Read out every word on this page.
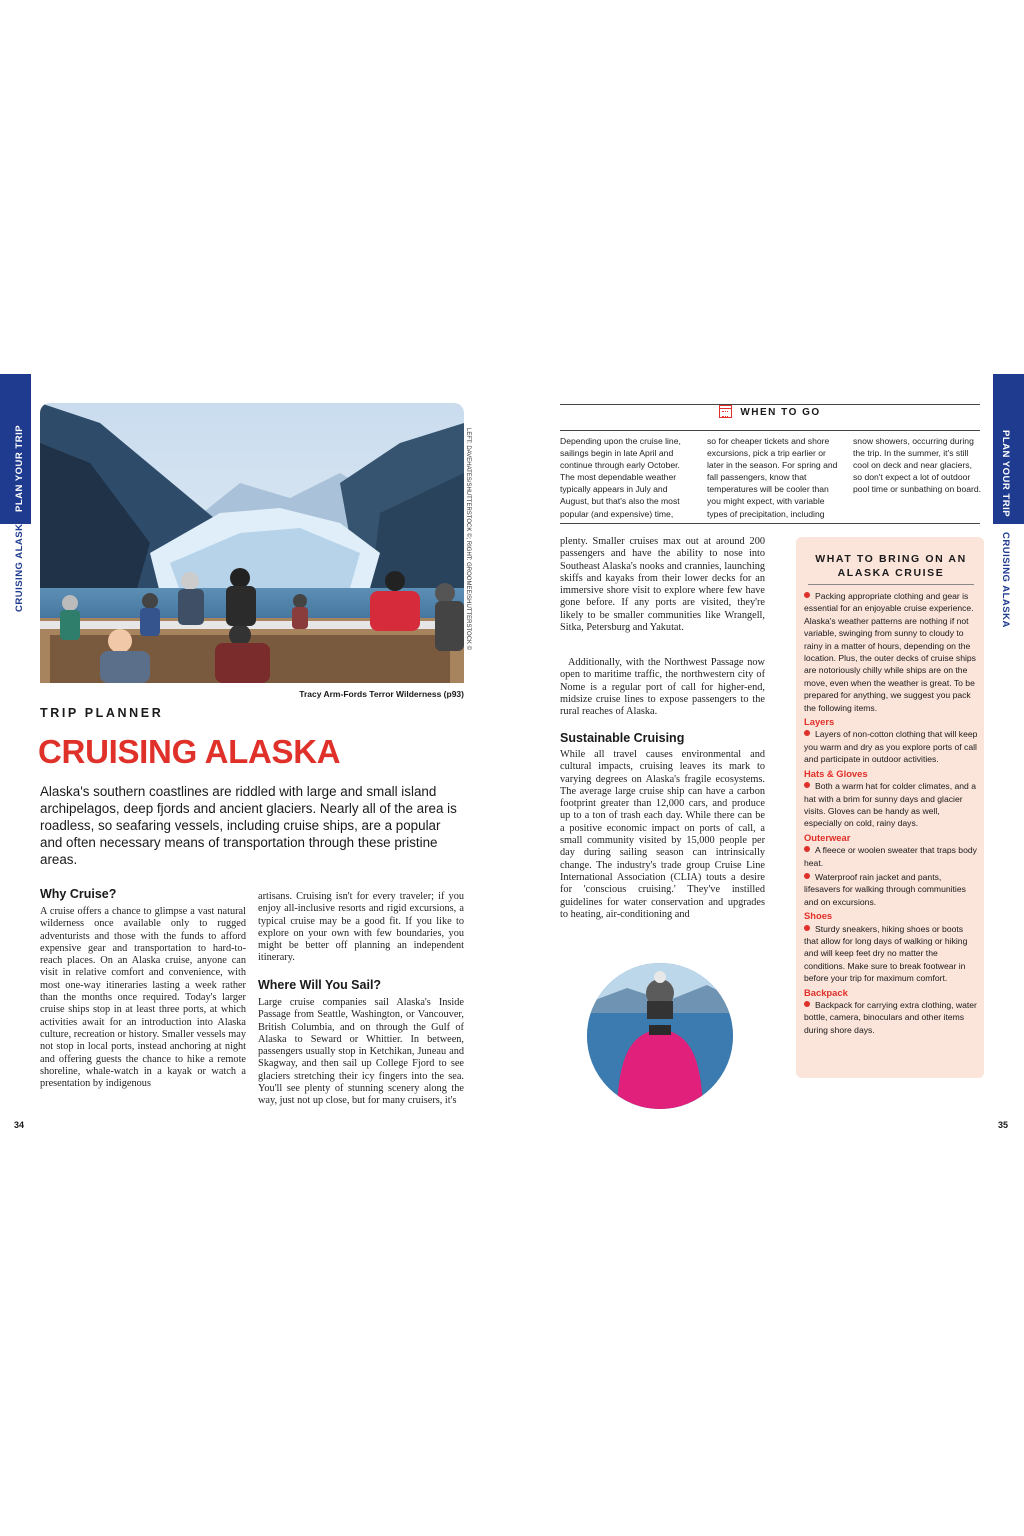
PLAN YOUR TRIP
CRUISING ALASKA
PLAN YOUR TRIP
CRUISING ALASKA
LEFT: DAVEHATES/SHUTTERSTOCK ©; RIGHT: GROOMEE/SHUTTERSTOCK ©
Tracy Arm-Fords Terror Wilderness (p93)
TRIP PLANNER
CRUISING ALASKA
Alaska's southern coastlines are riddled with large and small island archipelagos, deep fjords and ancient glaciers. Nearly all of the area is roadless, so seafaring vessels, including cruise ships, are a popular and often necessary means of transportation through these pristine areas.
Why Cruise?
A cruise offers a chance to glimpse a vast natural wilderness once available only to rugged adventurists and those with the funds to afford expensive gear and transportation to hard-to-reach places. On an Alaska cruise, anyone can visit in relative comfort and convenience, with most one-way itineraries lasting a week rather than the months once required. Today's larger cruise ships stop in at least three ports, at which activities await for an introduction into Alaska culture, recreation or history. Smaller vessels may not stop in local ports, instead anchoring at night and offering guests the chance to hike a remote shoreline, whale-watch in a kayak or watch a presentation by indigenous
34
artisans. Cruising isn't for every traveler; if you enjoy all-inclusive resorts and rigid excursions, a typical cruise may be a good fit. If you like to explore on your own with few boundaries, you might be better off planning an independent itinerary.
Where Will You Sail?
Large cruise companies sail Alaska's Inside Passage from Seattle, Washington, or Vancouver, British Columbia, and on through the Gulf of Alaska to Seward or Whittier. In between, passengers usually stop in Ketchikan, Juneau and Skagway, and then sail up College Fjord to see glaciers stretching their icy fingers into the sea. You'll see plenty of stunning scenery along the way, just not up close, but for many cruisers, it's
WHEN TO GO
Depending upon the cruise line, sailings begin in late April and continue through early October. The most dependable weather typically appears in July and August, but that's also the most popular (and expensive) time,
so for cheaper tickets and shore excursions, pick a trip earlier or later in the season. For spring and fall passengers, know that temperatures will be cooler than you might expect, with variable types of precipitation, including
snow showers, occurring during the trip. In the summer, it's still cool on deck and near glaciers, so don't expect a lot of outdoor pool time or sunbathing on board.
plenty. Smaller cruises max out at around 200 passengers and have the ability to nose into Southeast Alaska's nooks and crannies, launching skiffs and kayaks from their lower decks for an immersive shore visit to explore where few have gone before. If any ports are visited, they're likely to be smaller communities like Wrangell, Sitka, Petersburg and Yakutat.
Additionally, with the Northwest Passage now open to maritime traffic, the northwestern city of Nome is a regular port of call for higher-end, midsize cruise lines to expose passengers to the rural reaches of Alaska.
Sustainable Cruising
While all travel causes environmental and cultural impacts, cruising leaves its mark to varying degrees on Alaska's fragile ecosystems. The average large cruise ship can have a carbon footprint greater than 12,000 cars, and produce up to a ton of trash each day. While there can be a positive economic impact on ports of call, a small community visited by 15,000 people per day during sailing season can intrinsically change. The industry's trade group Cruise Line International Association (CLIA) touts a desire for 'conscious cruising.' They've instilled guidelines for water conservation and upgrades to heating, air-conditioning and
WHAT TO BRING ON AN ALASKA CRUISE
Packing appropriate clothing and gear is essential for an enjoyable cruise experience. Alaska's weather patterns are nothing if not variable, swinging from sunny to cloudy to rainy in a matter of hours, depending on the location. Plus, the outer decks of cruise ships are notoriously chilly while ships are on the move, even when the weather is great. To be prepared for anything, we suggest you pack the following items.
Layers
Layers of non-cotton clothing that will keep you warm and dry as you explore ports of call and participate in outdoor activities.
Hats & Gloves
Both a warm hat for colder climates, and a hat with a brim for sunny days and glacier visits. Gloves can be handy as well, especially on cold, rainy days.
Outerwear
A fleece or woolen sweater that traps body heat.
Waterproof rain jacket and pants, lifesavers for walking through communities and on excursions.
Shoes
Sturdy sneakers, hiking shoes or boots that allow for long days of walking or hiking and will keep feet dry no matter the conditions. Make sure to break footwear in before your trip for maximum comfort.
Backpack
Backpack for carrying extra clothing, water bottle, camera, binoculars and other items during shore days.
35
